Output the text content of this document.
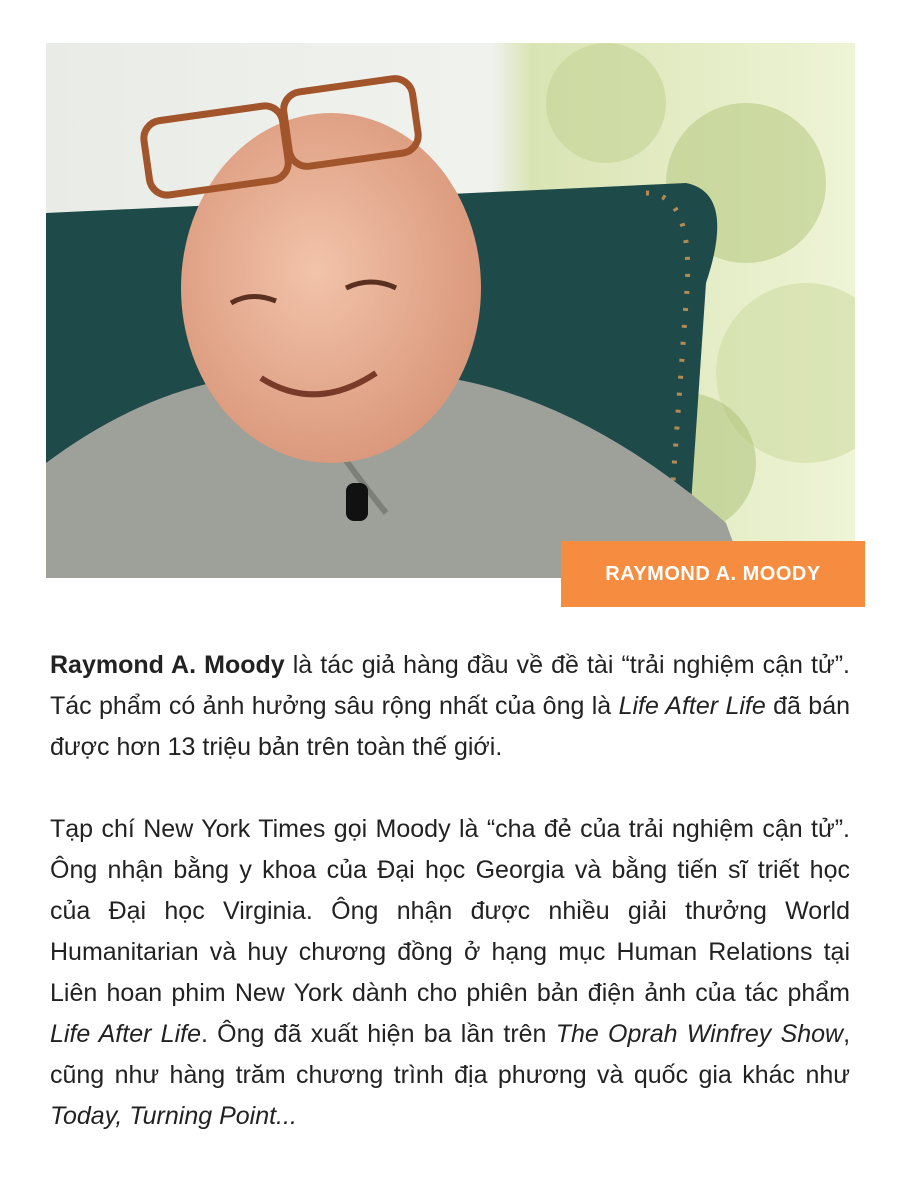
RAYMOND A. MOODY

Raymond A. Moody là tác giả hàng đầu về đề tài “trải nghiệm cận tử”. Tác phẩm có ảnh hưởng sâu rộng nhất của ông là Life After Life đã bán được hơn 13 triệu bản trên toàn thế giới.

Tạp chí New York Times gọi Moody là “cha đẻ của trải nghiệm cận tử”. Ông nhận bằng y khoa của Đại học Georgia và bằng tiến sĩ triết học của Đại học Virginia. Ông nhận được nhiều giải thưởng World Humanitarian và huy chương đồng ở hạng mục Human Relations tại Liên hoan phim New York dành cho phiên bản điện ảnh của tác phẩm Life After Life. Ông đã xuất hiện ba lần trên The Oprah Winfrey Show, cũng như hàng trăm chương trình địa phương và quốc gia khác như Today, Turning Point...
